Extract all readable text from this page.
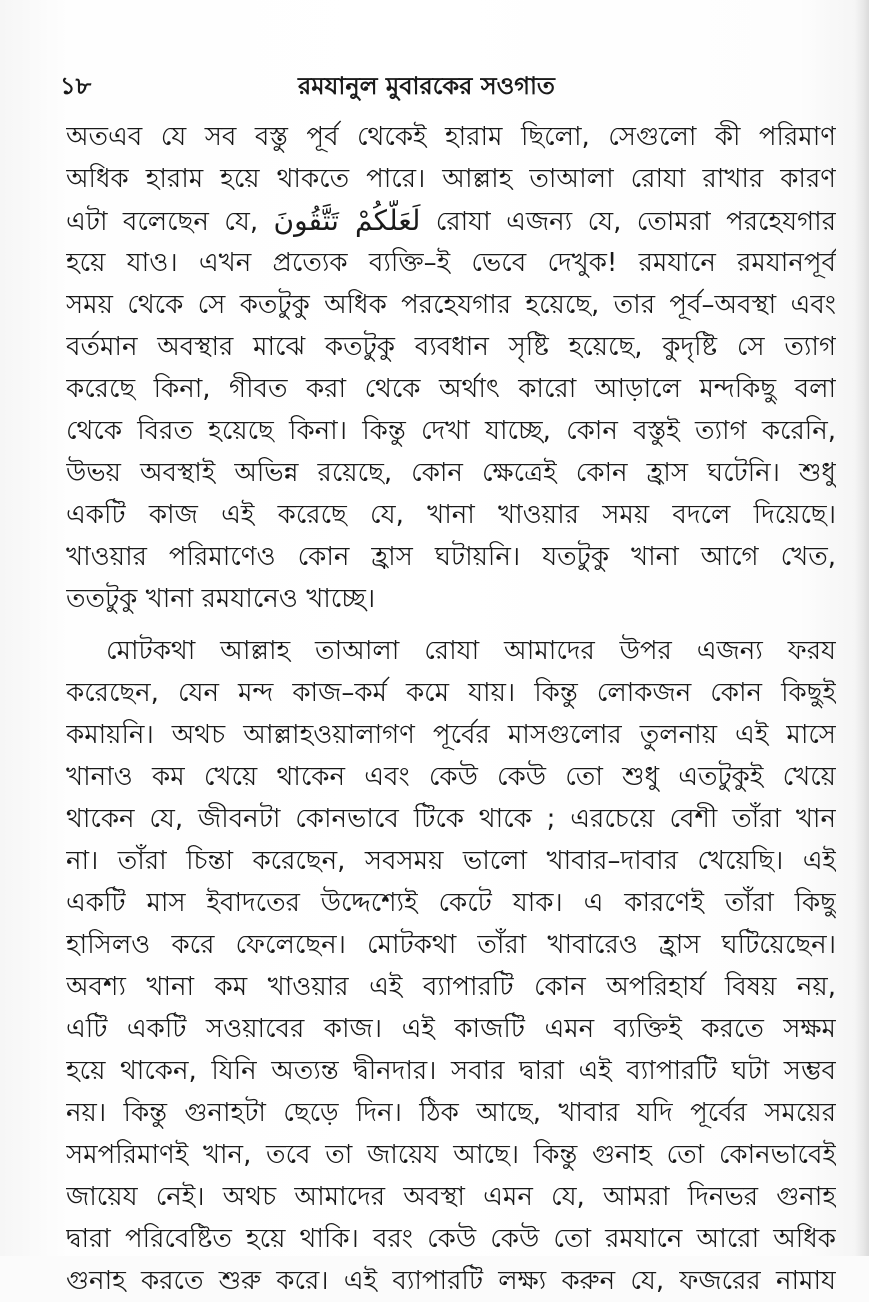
১৮	রমযানুল মুবারকের সওগাত
অতএব যে সব বস্তু পূর্ব থেকেই হারাম ছিলো, সেগুলো কী পরিমাণ
অধিক হারাম হয়ে থাকতে পারে। আল্লাহ তাআলা রোযা রাখার কারণ
এটা বলেছেন যে, لَعَلَّكُمْ تَتَّقُونَ রোযা এজন্য যে, তোমরা পরহেযগার
হয়ে যাও। এখন প্রত্যেক ব্যক্তি–ই ভেবে দেখুক! রমযানে রমযানপূর্ব
সময় থেকে সে কতটুকু অধিক পরহেযগার হয়েছে, তার পূর্ব–অবস্থা এবং
বর্তমান অবস্থার মাঝে কতটুকু ব্যবধান সৃষ্টি হয়েছে, কুদৃষ্টি সে ত্যাগ
করেছে কিনা, গীবত করা থেকে অর্থাৎ কারো আড়ালে মন্দকিছু বলা
থেকে বিরত হয়েছে কিনা। কিন্তু দেখা যাচ্ছে, কোন বস্তুই ত্যাগ করেনি,
উভয় অবস্থাই অভিন্ন রয়েছে, কোন ক্ষেত্রেই কোন হ্রাস ঘটেনি। শুধু
একটি কাজ এই করেছে যে, খানা খাওয়ার সময় বদলে দিয়েছে।
খাওয়ার পরিমাণেও কোন হ্রাস ঘটায়নি। যতটুকু খানা আগে খেত,
ততটুকু খানা রমযানেও খাচ্ছে।
মোটকথা আল্লাহ তাআলা রোযা আমাদের উপর এজন্য ফরয
করেছেন, যেন মন্দ কাজ–কর্ম কমে যায়। কিন্তু লোকজন কোন কিছুই
কমায়নি। অথচ আল্লাহওয়ালাগণ পূর্বের মাসগুলোর তুলনায় এই মাসে
খানাও কম খেয়ে থাকেন এবং কেউ কেউ তো শুধু এতটুকুই খেয়ে
থাকেন যে, জীবনটা কোনভাবে টিকে থাকে ; এরচেয়ে বেশী তাঁরা খান
না। তাঁরা চিন্তা করেছেন, সবসময় ভালো খাবার–দাবার খেয়েছি। এই
একটি মাস ইবাদতের উদ্দেশ্যেই কেটে যাক। এ কারণেই তাঁরা কিছু
হাসিলও করে ফেলেছেন। মোটকথা তাঁরা খাবারেও হ্রাস ঘটিয়েছেন।
অবশ্য খানা কম খাওয়ার এই ব্যাপারটি কোন অপরিহার্য বিষয় নয়,
এটি একটি সওয়াবের কাজ। এই কাজটি এমন ব্যক্তিই করতে সক্ষম
হয়ে থাকেন, যিনি অত্যন্ত দ্বীনদার। সবার দ্বারা এই ব্যাপারটি ঘটা সম্ভব
নয়। কিন্তু গুনাহটা ছেড়ে দিন। ঠিক আছে, খাবার যদি পূর্বের সময়ের
সমপরিমাণই খান, তবে তা জায়েয আছে। কিন্তু গুনাহ তো কোনভাবেই
জায়েয নেই। অথচ আমাদের অবস্থা এমন যে, আমরা দিনভর গুনাহ
দ্বারা পরিবেষ্টিত হয়ে থাকি। বরং কেউ কেউ তো রমযানে আরো অধিক
গুনাহ করতে শুরু করে। এই ব্যাপারটি লক্ষ্য করুন যে, ফজরের নামায
